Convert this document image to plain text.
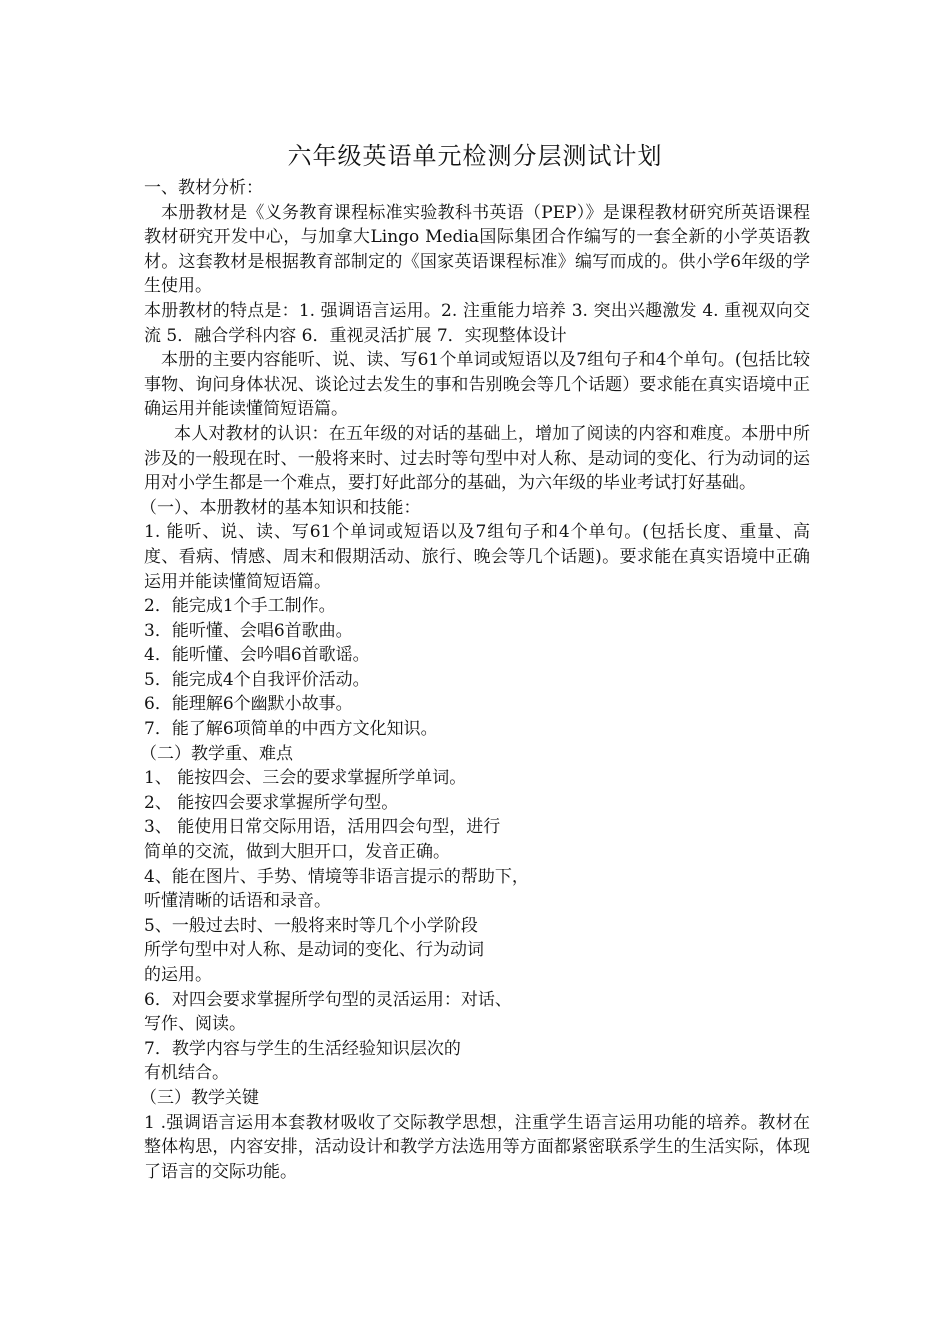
六年级英语单元检测分层测试计划

一、教材分析：

本册教材是《义务教育课程标准实验教科书英语（PEP）》是课程教材研究所英语课程教材研究开发中心，与加拿大Lingo Media国际集团合作编写的一套全新的小学英语教材。这套教材是根据教育部制定的《国家英语课程标准》编写而成的。供小学6年级的学生使用。

本册教材的特点是：1. 强调语言运用。2. 注重能力培养 3. 突出兴趣激发 4. 重视双向交流 5．融合学科内容 6．重视灵活扩展 7．实现整体设计

本册的主要内容能听、说、读、写61个单词或短语以及7组句子和4个单句。(包括比较事物、询问身体状况、谈论过去发生的事和告别晚会等几个话题）要求能在真实语境中正确运用并能读懂简短语篇。

本人对教材的认识：在五年级的对话的基础上，增加了阅读的内容和难度。本册中所涉及的一般现在时、一般将来时、过去时等句型中对人称、是动词的变化、行为动词的运用对小学生都是一个难点，要打好此部分的基础，为六年级的毕业考试打好基础。

（一）、本册教材的基本知识和技能：

1. 能听、说、读、写61个单词或短语以及7组句子和4个单句。(包括长度、重量、高度、看病、情感、周末和假期活动、旅行、晚会等几个话题)。要求能在真实语境中正确运用并能读懂简短语篇。

2．能完成1个手工制作。

3．能听懂、会唱6首歌曲。

4．能听懂、会吟唱6首歌谣。

5．能完成4个自我评价活动。

6．能理解6个幽默小故事。

7．能了解6项简单的中西方文化知识。

（二）教学重、难点

1、 能按四会、三会的要求掌握所学单词。

2、 能按四会要求掌握所学句型。

3、 能使用日常交际用语，活用四会句型，进行

简单的交流，做到大胆开口，发音正确。

4、能在图片、手势、情境等非语言提示的帮助下，

听懂清晰的话语和录音。

5、一般过去时、一般将来时等几个小学阶段

所学句型中对人称、是动词的变化、行为动词

的运用。

6．对四会要求掌握所学句型的灵活运用：对话、

写作、阅读。

7．教学内容与学生的生活经验知识层次的

有机结合。

（三）教学关键

1 .强调语言运用本套教材吸收了交际教学思想，注重学生语言运用功能的培养。教材在整体构思，内容安排，活动设计和教学方法选用等方面都紧密联系学生的生活实际，体现了语言的交际功能。
